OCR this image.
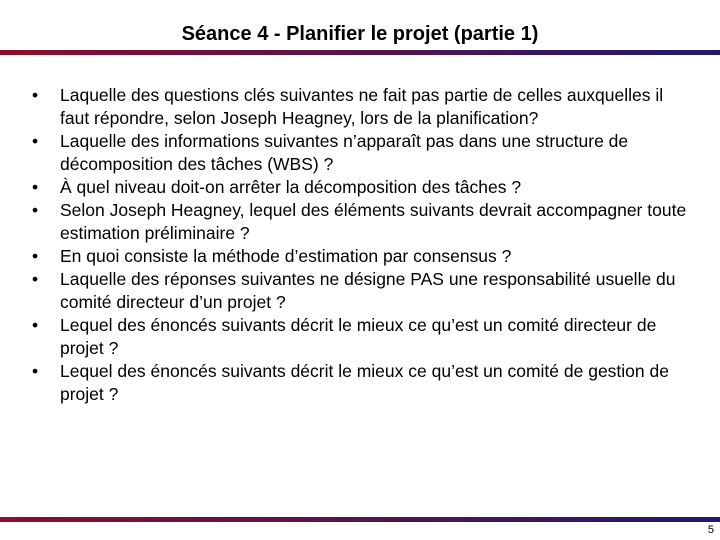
Séance 4 - Planifier le projet (partie 1)
• Laquelle des questions clés suivantes ne fait pas partie de celles auxquelles il faut répondre, selon Joseph Heagney, lors de la planification?
• Laquelle des informations suivantes n’apparaît pas dans une structure de décomposition des tâches (WBS) ?
• À quel niveau doit-on arrêter la décomposition des tâches ?
• Selon Joseph Heagney, lequel des éléments suivants devrait accompagner toute estimation préliminaire ?
• En quoi consiste la méthode d’estimation par consensus ?
• Laquelle des réponses suivantes ne désigne PAS une responsabilité usuelle du comité directeur d’un projet ?
• Lequel des énoncés suivants décrit le mieux ce qu’est un comité directeur de projet ?
• Lequel des énoncés suivants décrit le mieux ce qu’est un comité de gestion de projet ?
5
